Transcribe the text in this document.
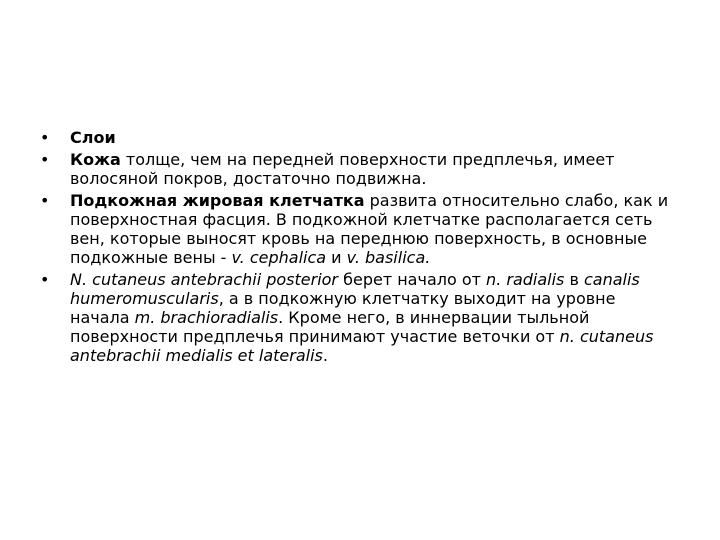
•	Слои
•	Кожа толще, чем на передней поверхности предплечья, имеет волосяной покров, достаточно подвижна.
•	Подкожная жировая клетчатка развита относительно слабо, как и поверхностная фасция. В подкожной клетчатке располагается сеть вен, которые выносят кровь на переднюю поверхность, в основные подкожные вены - v. cephalica и v. basilica.
•	N. cutaneus antebrachii posterior берет начало от n. radialis в canalis humeromuscularis, а в подкожную клетчатку выходит на уровне начала m. brachioradialis. Кроме него, в иннервации тыльной поверхности предплечья принимают участие веточки от n. cutaneus antebrachii medialis et lateralis.
